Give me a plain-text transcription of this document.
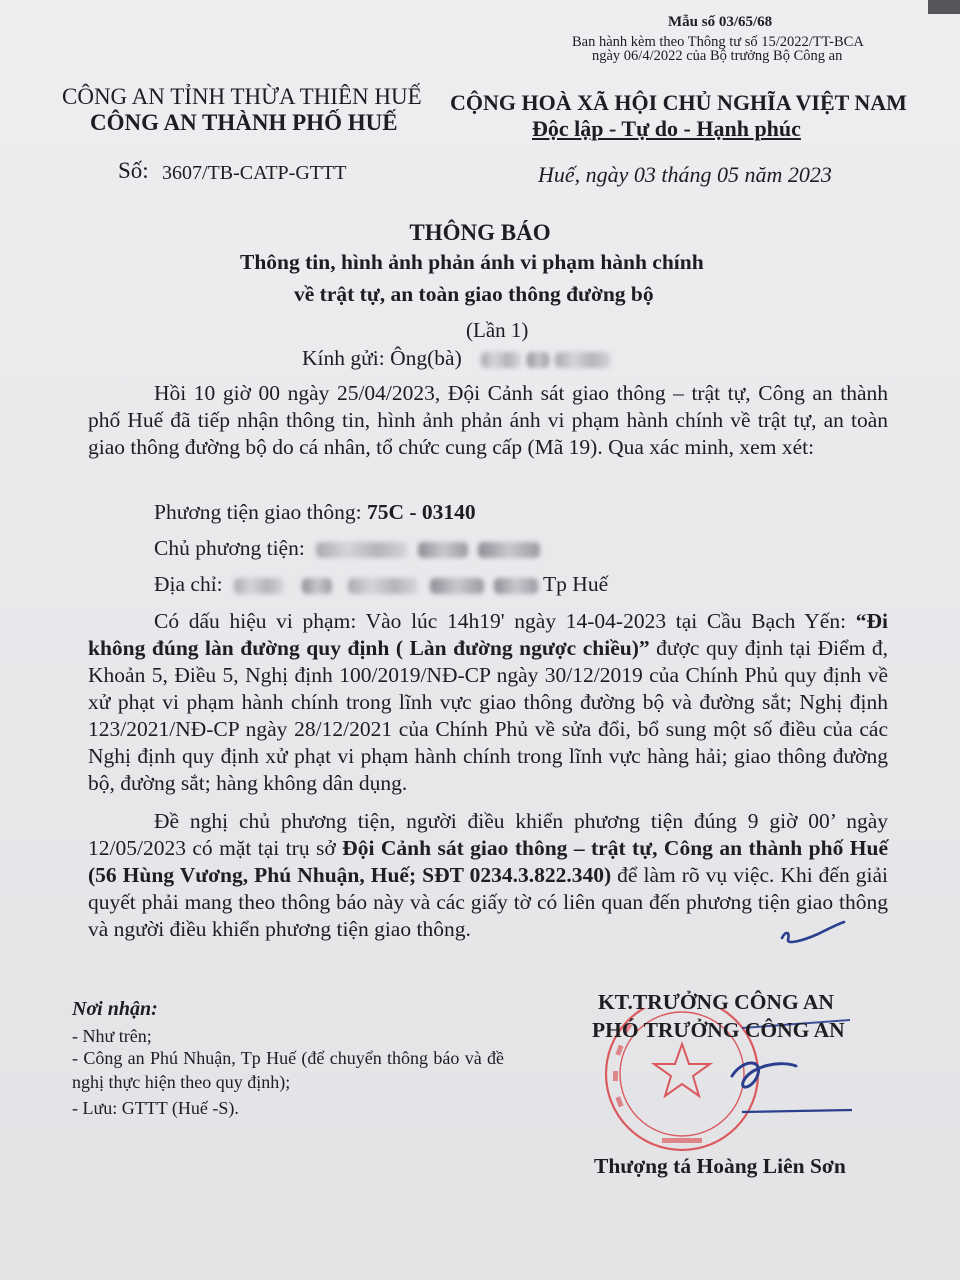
Mẫu số 03/65/68
Ban hành kèm theo Thông tư số 15/2022/TT-BCA
ngày 06/4/2022 của Bộ trưởng Bộ Công an
CÔNG AN TỈNH THỪA THIÊN HUẾ
CÔNG AN THÀNH PHỐ HUẾ
CỘNG HOÀ XÃ HỘI CHỦ NGHĨA VIỆT NAM
Độc lập - Tự do - Hạnh phúc
Số: 3607/TB-CATP-GTTT	Huế, ngày 03 tháng 05 năm 2023
THÔNG BÁO
Thông tin, hình ảnh phản ánh vi phạm hành chính
về trật tự, an toàn giao thông đường bộ
(Lần 1)
Kính gửi: Ông(bà)
Hồi 10 giờ 00 ngày 25/04/2023, Đội Cảnh sát giao thông – trật tự, Công an thành phố Huế đã tiếp nhận thông tin, hình ảnh phản ánh vi phạm hành chính về trật tự, an toàn giao thông đường bộ do cá nhân, tổ chức cung cấp (Mã 19). Qua xác minh, xem xét:
Phương tiện giao thông: 75C - 03140
Chủ phương tiện:
Địa chỉ:	Tp Huế
Có dấu hiệu vi phạm: Vào lúc 14h19' ngày 14-04-2023 tại Cầu Bạch Yến: “Đi không đúng làn đường quy định ( Làn đường ngược chiều)” được quy định tại Điểm đ, Khoản 5, Điều 5, Nghị định 100/2019/NĐ-CP ngày 30/12/2019 của Chính Phủ quy định về xử phạt vi phạm hành chính trong lĩnh vực giao thông đường bộ và đường sắt; Nghị định 123/2021/NĐ-CP ngày 28/12/2021 của Chính Phủ về sửa đổi, bổ sung một số điều của các Nghị định quy định xử phạt vi phạm hành chính trong lĩnh vực hàng hải; giao thông đường bộ, đường sắt; hàng không dân dụng.
Đề nghị chủ phương tiện, người điều khiển phương tiện đúng 9 giờ 00’ ngày 12/05/2023 có mặt tại trụ sở Đội Cảnh sát giao thông – trật tự, Công an thành phố Huế (56 Hùng Vương, Phú Nhuận, Huế; SĐT 0234.3.822.340) để làm rõ vụ việc. Khi đến giải quyết phải mang theo thông báo này và các giấy tờ có liên quan đến phương tiện giao thông và người điều khiển phương tiện giao thông.
Nơi nhận:
- Như trên;
- Công an Phú Nhuận, Tp Huế (để chuyển thông báo và đề nghị thực hiện theo quy định);
- Lưu: GTTT (Huế -S).
KT.TRƯỞNG CÔNG AN
PHÓ TRƯỞNG CÔNG AN
Thượng tá Hoàng Liên Sơn
